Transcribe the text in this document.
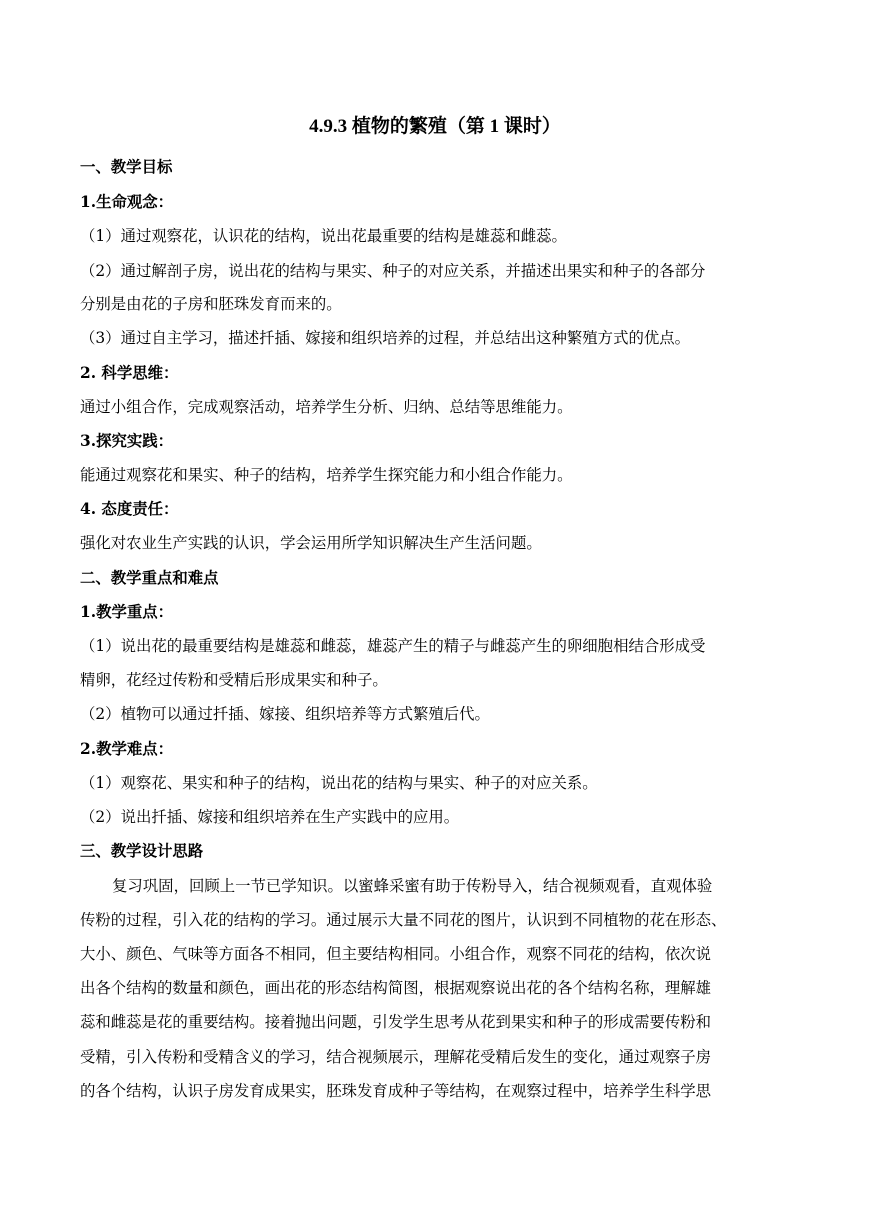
4.9.3 植物的繁殖（第 1 课时）
一、教学目标
1.生命观念：
（1）通过观察花，认识花的结构，说出花最重要的结构是雄蕊和雌蕊。
（2）通过解剖子房，说出花的结构与果实、种子的对应关系，并描述出果实和种子的各部分
分别是由花的子房和胚珠发育而来的。
（3）通过自主学习，描述扦插、嫁接和组织培养的过程，并总结出这种繁殖方式的优点。
2. 科学思维：
通过小组合作，完成观察活动，培养学生分析、归纳、总结等思维能力。
3.探究实践：
能通过观察花和果实、种子的结构，培养学生探究能力和小组合作能力。
4. 态度责任：
强化对农业生产实践的认识，学会运用所学知识解决生产生活问题。
二、教学重点和难点
1.教学重点：
（1）说出花的最重要结构是雄蕊和雌蕊，雄蕊产生的精子与雌蕊产生的卵细胞相结合形成受
精卵，花经过传粉和受精后形成果实和种子。
（2）植物可以通过扦插、嫁接、组织培养等方式繁殖后代。
2.教学难点：
（1）观察花、果实和种子的结构，说出花的结构与果实、种子的对应关系。
（2）说出扦插、嫁接和组织培养在生产实践中的应用。
三、教学设计思路
复习巩固，回顾上一节已学知识。以蜜蜂采蜜有助于传粉导入，结合视频观看，直观体验
传粉的过程，引入花的结构的学习。通过展示大量不同花的图片，认识到不同植物的花在形态、
大小、颜色、气味等方面各不相同，但主要结构相同。小组合作，观察不同花的结构，依次说
出各个结构的数量和颜色，画出花的形态结构简图，根据观察说出花的各个结构名称，理解雄
蕊和雌蕊是花的重要结构。接着抛出问题，引发学生思考从花到果实和种子的形成需要传粉和
受精，引入传粉和受精含义的学习，结合视频展示，理解花受精后发生的变化，通过观察子房
的各个结构，认识子房发育成果实，胚珠发育成种子等结构，在观察过程中，培养学生科学思
